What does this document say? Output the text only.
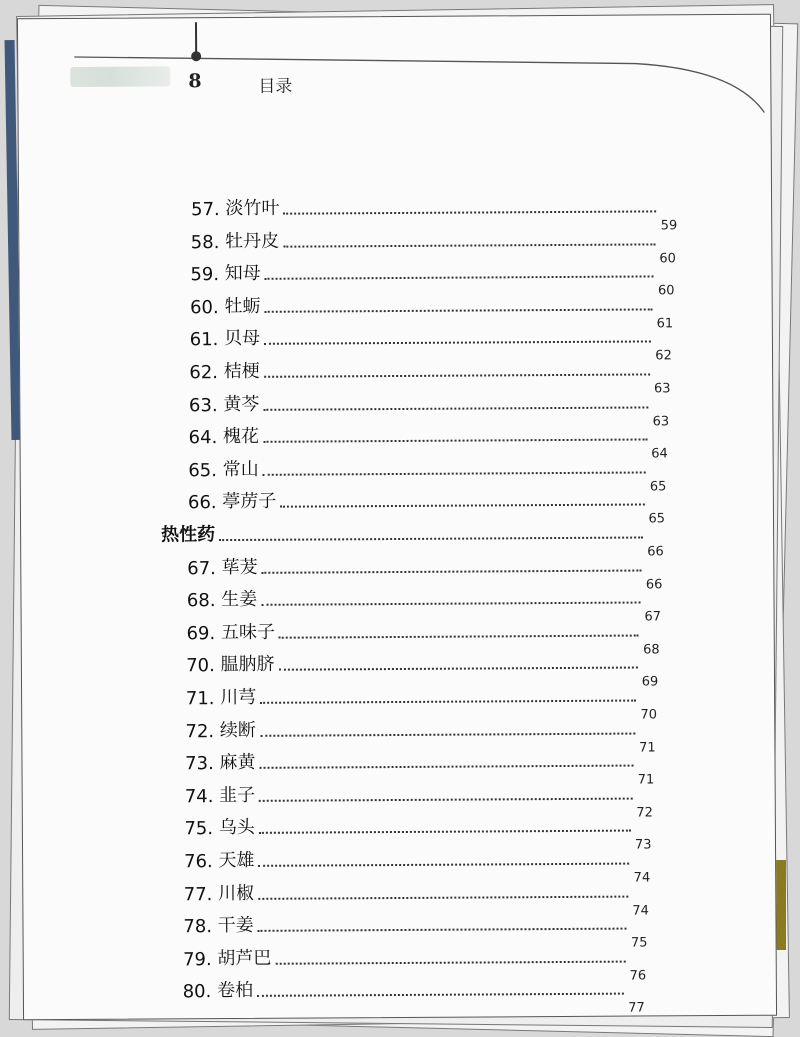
8	目录
57. 淡竹叶
59
58. 牡丹皮
60
59. 知母
60
60. 牡蛎
61
61. 贝母
62
62. 桔梗
63
63. 黄芩
63
64. 槐花
64
65. 常山
65
66. 葶苈子
65
热性药
66
67. 荜茇
66
68. 生姜
67
69. 五味子
68
70. 腽肭脐
69
71. 川芎
70
72. 续断
71
73. 麻黄
71
74. 韭子
72
75. 乌头
73
76. 天雄
74
77. 川椒
74
78. 干姜
75
79. 胡芦巴
76
80. 卷柏
77
